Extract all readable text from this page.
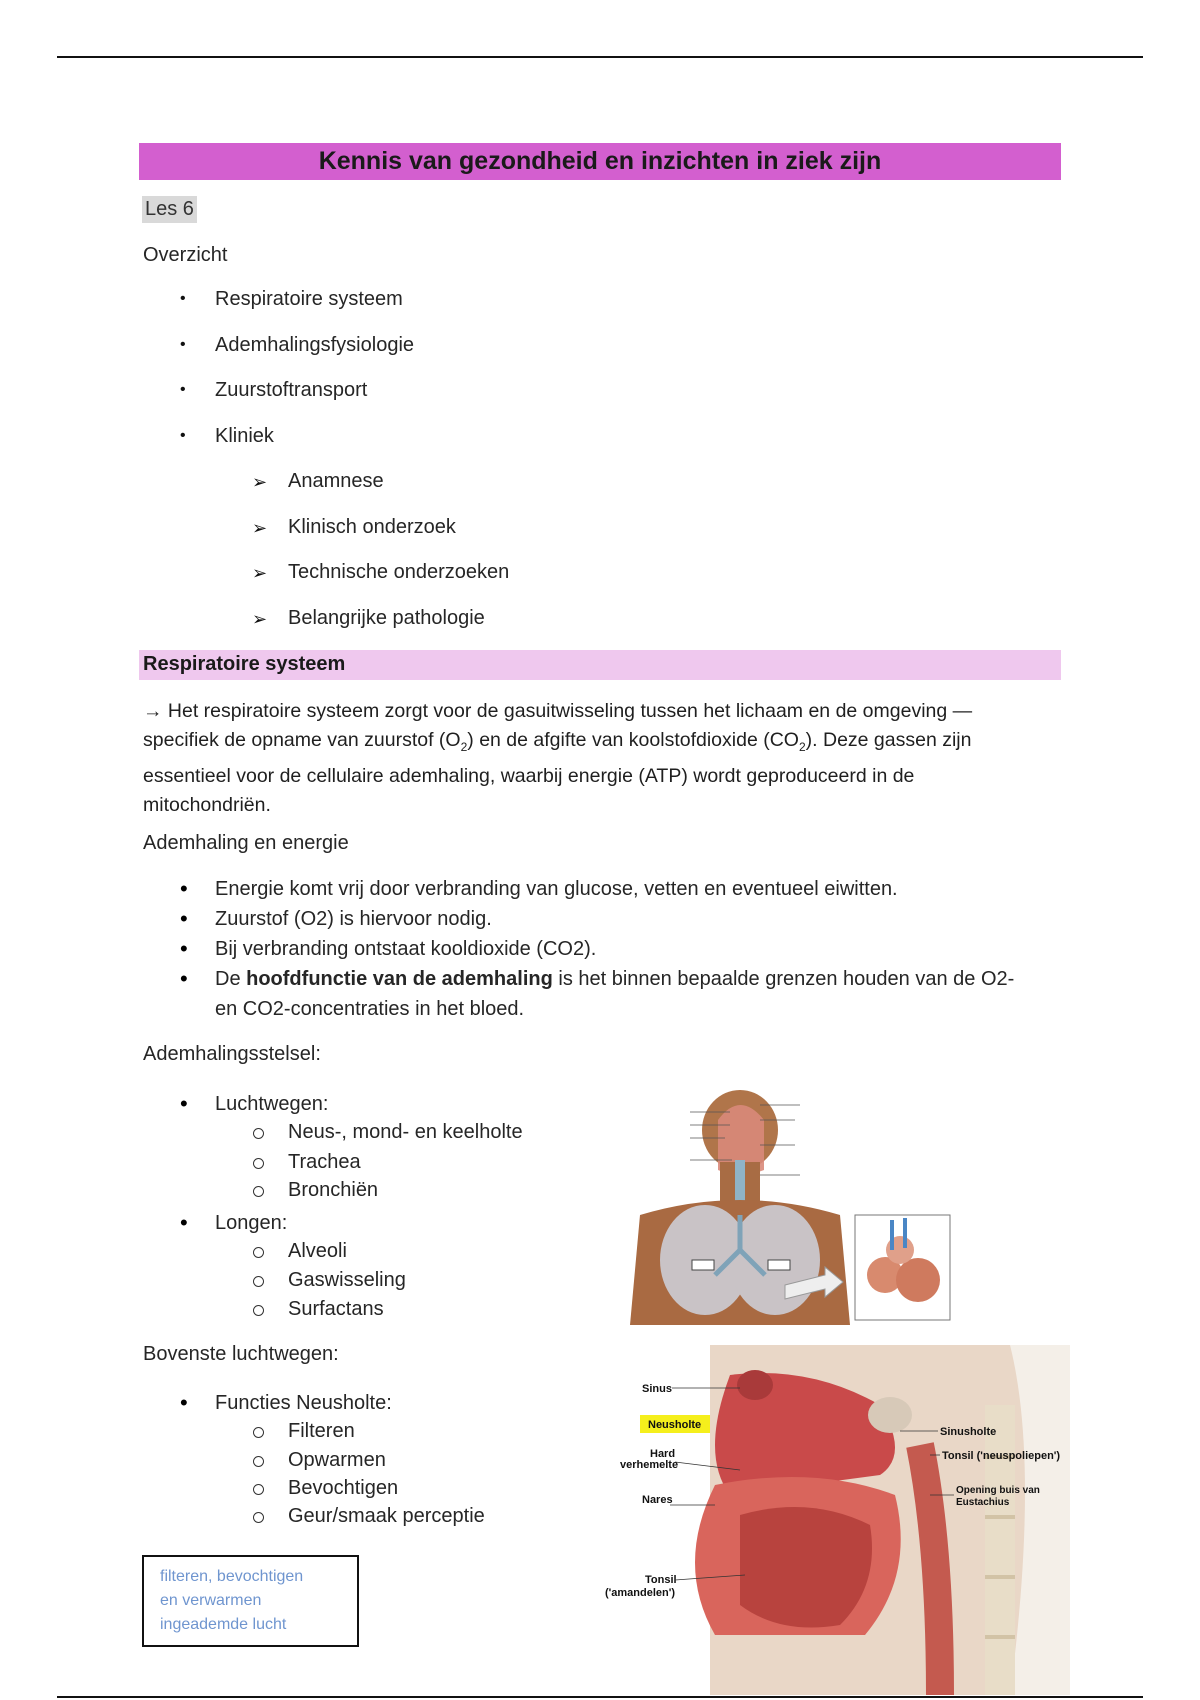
Kennis van gezondheid en inzichten in ziek zijn
Les 6
Overzicht
• Respiratoire systeem
• Ademhalingsfysiologie
• Zuurstoftransport
• Kliniek
➢ Anamnese
➢ Klinisch onderzoek
➢ Technische onderzoeken
➢ Belangrijke pathologie
Respiratoire systeem
→ Het respiratoire systeem zorgt voor de gasuitwisseling tussen het lichaam en de omgeving —
specifiek de opname van zuurstof $(O_2)$ en de afgifte van koolstofdioxide $(CO_2)$. Deze gassen zijn
essentieel voor de cellulaire ademhaling, waarbij energie (ATP) wordt geproduceerd in de
mitochondriën.
Ademhaling en energie
• Energie komt vrij door verbranding van glucose, vetten en eventueel eiwitten.
• Zuurstof (O2) is hiervoor nodig.
• Bij verbranding ontstaat kooldioxide (CO2).
• De hoofdfunctie van de ademhaling is het binnen bepaalde grenzen houden van de O2-
en CO2-concentraties in het bloed.
Ademhalingsstelsel:
• Luchtwegen:
Neus-, mond- en keelholte
Trachea
Bronchiën
• Longen:
Alveoli
Gaswisseling
Surfactans
Bovenste luchtwegen:
• Functies Neusholte:
Filteren
Opwarmen
Bevochtigen
Geur/smaak perceptie
filteren, bevochtigen
en verwarmen
ingeademde lucht
Sinus
Neusholte
Hard
verhemelte
Nares
Tonsil
('amandelen')
Sinusholte
Tonsil ('neuspoliepen')
Opening buis van
Eustachius
